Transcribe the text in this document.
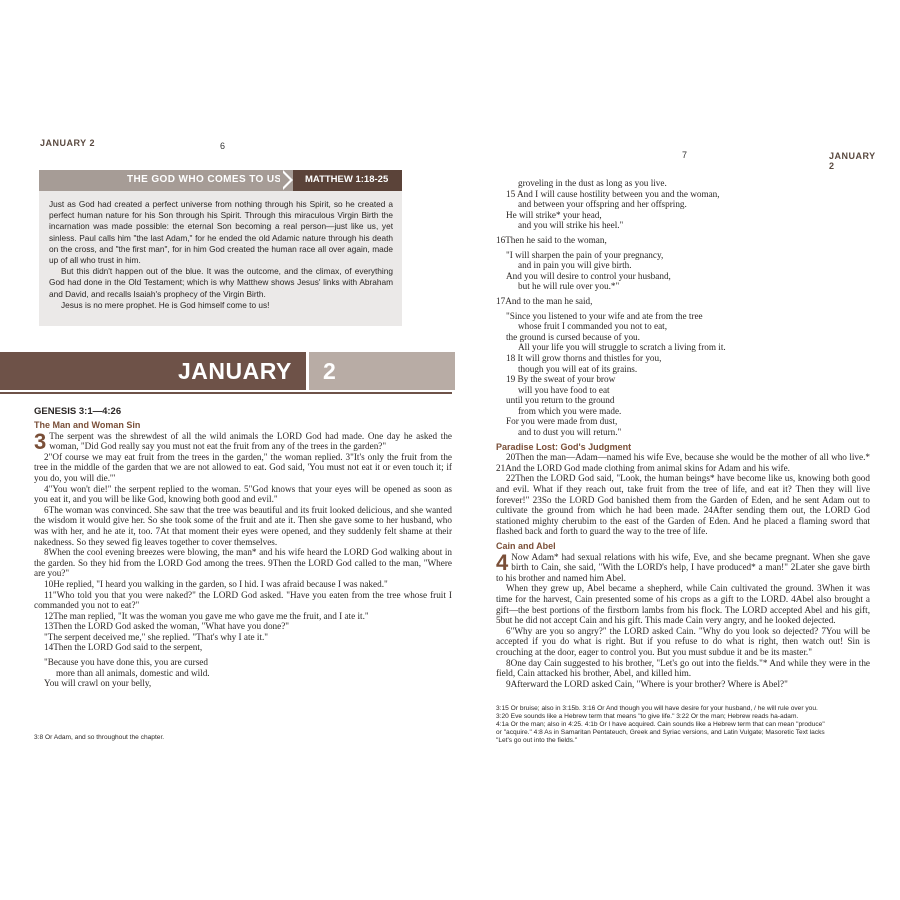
JANUARY 2	6
THE GOD WHO COMES TO US MATTHEW 1:18-25

Just as God had created a perfect universe from nothing through his Spirit, so he created a perfect human nature for his Son through his Spirit. Through this miraculous Virgin Birth the incarnation was made possible: the eternal Son becoming a real person—just like us, yet sinless. Paul calls him "the last Adam," for he ended the old Adamic nature through his death on the cross, and "the first man", for in him God created the human race all over again, made up of all who trust in him.

But this didn't happen out of the blue. It was the outcome, and the climax, of everything God had done in the Old Testament; which is why Matthew shows Jesus' links with Abraham and David, and recalls Isaiah's prophecy of the Virgin Birth.

Jesus is no mere prophet. He is God himself come to us!

JANUARY 2
GENESIS 3:1—4:26
The Man and Woman Sin
3 The serpent was the shrewdest of all the wild animals the LORD God had made. One day he asked the woman, "Did God really say you must not eat the fruit from any of the trees in the garden?"

2"Of course we may eat fruit from the trees in the garden," the woman replied. 3"It's only the fruit from the tree in the middle of the garden that we are not allowed to eat. God said, 'You must not eat it or even touch it; if you do, you will die.'"

4"You won't die!" the serpent replied to the woman. 5"God knows that your eyes will be opened as soon as you eat it, and you will be like God, knowing both good and evil."

6The woman was convinced. She saw that the tree was beautiful and its fruit looked delicious, and she wanted the wisdom it would give her. So she took some of the fruit and ate it. Then she gave some to her husband, who was with her, and he ate it, too. 7At that moment their eyes were opened, and they suddenly felt shame at their nakedness. So they sewed fig leaves together to cover themselves.

8When the cool evening breezes were blowing, the man* and his wife heard the LORD God walking about in the garden. So they hid from the LORD God among the trees. 9Then the LORD God called to the man, "Where are you?"

10He replied, "I heard you walking in the garden, so I hid. I was afraid because I was naked."

11"Who told you that you were naked?" the LORD God asked. "Have you eaten from the tree whose fruit I commanded you not to eat?"

12The man replied, "It was the woman you gave me who gave me the fruit, and I ate it."

13Then the LORD God asked the woman, "What have you done?"

"The serpent deceived me," she replied. "That's why I ate it."

14Then the LORD God said to the serpent,

"Because you have done this, you are cursed
more than all animals, domestic and wild.
You will crawl on your belly,

3:8 Or Adam, and so throughout the chapter.

7	JANUARY 2
groveling in the dust as long as you live.
15 And I will cause hostility between you and the woman,
and between your offspring and her offspring.
He will strike* your head,
and you will strike his heel."

16Then he said to the woman,

"I will sharpen the pain of your pregnancy,
and in pain you will give birth.
And you will desire to control your husband,
but he will rule over you.*"

17And to the man he said,

"Since you listened to your wife and ate from the tree
whose fruit I commanded you not to eat,
the ground is cursed because of you.
All your life you will struggle to scratch a living from it.
18 It will grow thorns and thistles for you,
though you will eat of its grains.
19 By the sweat of your brow
will you have food to eat
until you return to the ground
from which you were made.
For you were made from dust,
and to dust you will return."
Paradise Lost: God's Judgment

20Then the man—Adam—named his wife Eve, because she would be the mother of all who live.* 21And the LORD God made clothing from animal skins for Adam and his wife.

22Then the LORD God said, "Look, the human beings* have become like us, knowing both good and evil. What if they reach out, take fruit from the tree of life, and eat it? Then they will live forever!" 23So the LORD God banished them from the Garden of Eden, and he sent Adam out to cultivate the ground from which he had been made. 24After sending them out, the LORD God stationed mighty cherubim to the east of the Garden of Eden. And he placed a flaming sword that flashed back and forth to guard the way to the tree of life.

Cain and Abel
4 Now Adam* had sexual relations with his wife, Eve, and she became pregnant. When she gave birth to Cain, she said, "With the LORD's help, I have produced* a man!" 2Later she gave birth to his brother and named him Abel.

When they grew up, Abel became a shepherd, while Cain cultivated the ground. 3When it was time for the harvest, Cain presented some of his crops as a gift to the LORD. 4Abel also brought a gift—the best portions of the firstborn lambs from his flock. The LORD accepted Abel and his gift, 5but he did not accept Cain and his gift. This made Cain very angry, and he looked dejected.

6"Why are you so angry?" the LORD asked Cain. "Why do you look so dejected? 7You will be accepted if you do what is right. But if you refuse to do what is right, then watch out! Sin is crouching at the door, eager to control you. But you must subdue it and be its master."

8One day Cain suggested to his brother, "Let's go out into the fields."* And while they were in the field, Cain attacked his brother, Abel, and killed him.

9Afterward the LORD asked Cain, "Where is your brother? Where is Abel?"

3:15 Or bruise; also in 3:15b. 3:16 Or And though you will have desire for your husband, / he will rule over you.

3:20 Eve sounds like a Hebrew term that means "to give life." 3:22 Or the man; Hebrew reads ha-adam.

4:1a Or the man; also in 4:25. 4:1b Or I have acquired. Cain sounds like a Hebrew term that can mean "produce"

or "acquire." 4:8 As in Samaritan Pentateuch, Greek and Syriac versions, and Latin Vulgate; Masoretic Text lacks

"Let's go out into the fields."
